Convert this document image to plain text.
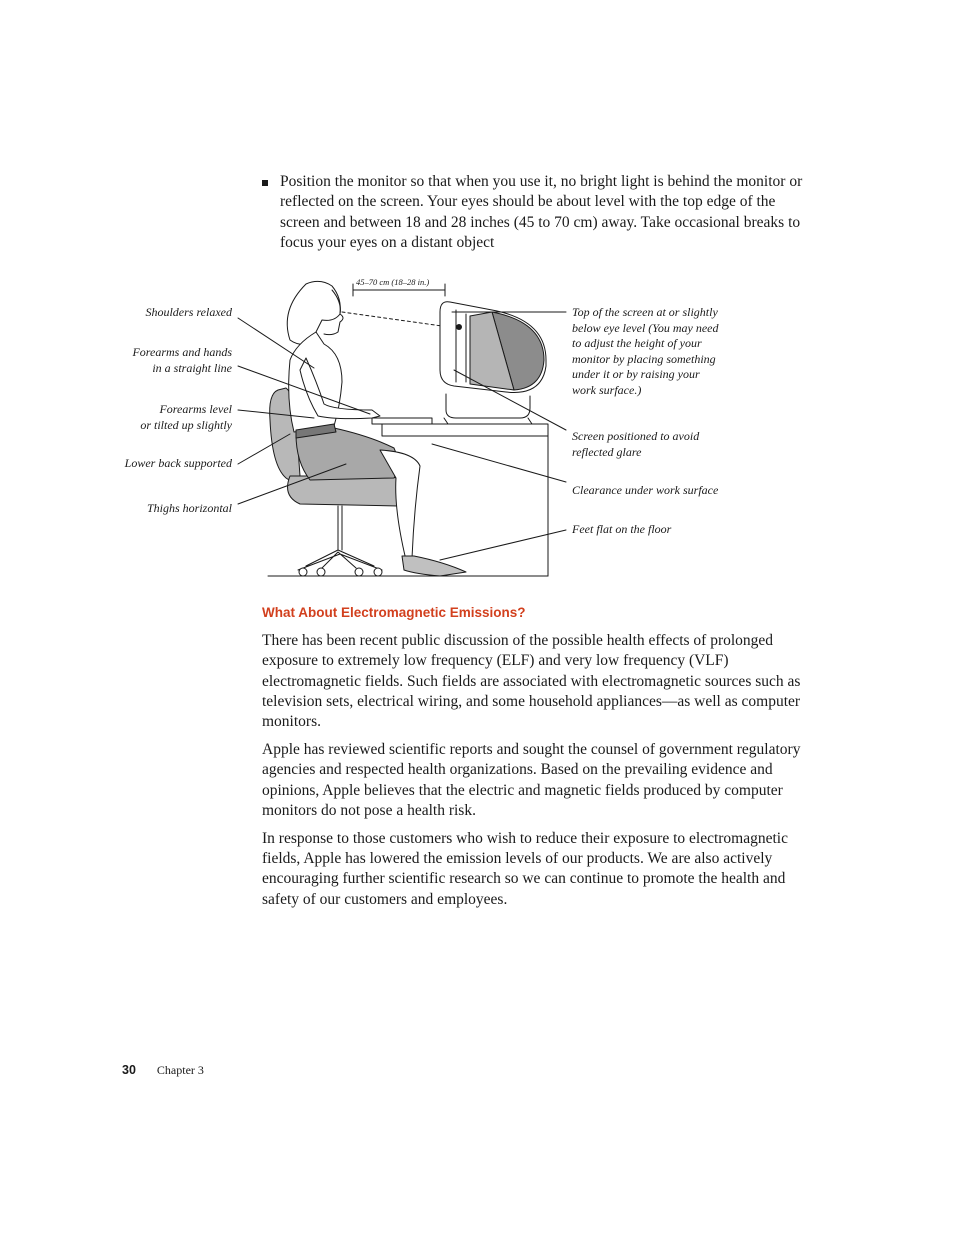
Position the monitor so that when you use it, no bright light is behind the monitor or reflected on the screen. Your eyes should be about level with the top edge of the screen and between 18 and 28 inches (45 to 70 cm) away. Take occasional breaks to focus your eyes on a distant object

45–70 cm (18–28 in.)
Shoulders relaxed
Forearms and hands
in a straight line
Forearms level
or tilted up slightly
Lower back supported
Thighs horizontal
Top of the screen at or slightly
below eye level (You may need
to adjust the height of your
monitor by placing something
under it or by raising your
work surface.)
Screen positioned to avoid
reflected glare
Clearance under work surface
Feet flat on the floor
What About Electromagnetic Emissions?

There has been recent public discussion of the possible health effects of prolonged exposure to extremely low frequency (ELF) and very low frequency (VLF) electromagnetic fields. Such fields are associated with electromagnetic sources such as television sets, electrical wiring, and some household appliances—as well as computer monitors.

Apple has reviewed scientific reports and sought the counsel of government regulatory agencies and respected health organizations. Based on the prevailing evidence and opinions, Apple believes that the electric and magnetic fields produced by computer monitors do not pose a health risk.

In response to those customers who wish to reduce their exposure to electromagnetic fields, Apple has lowered the emission levels of our products. We are also actively encouraging further scientific research so we can continue to promote the health and safety of our customers and employees.

30 Chapter 3
